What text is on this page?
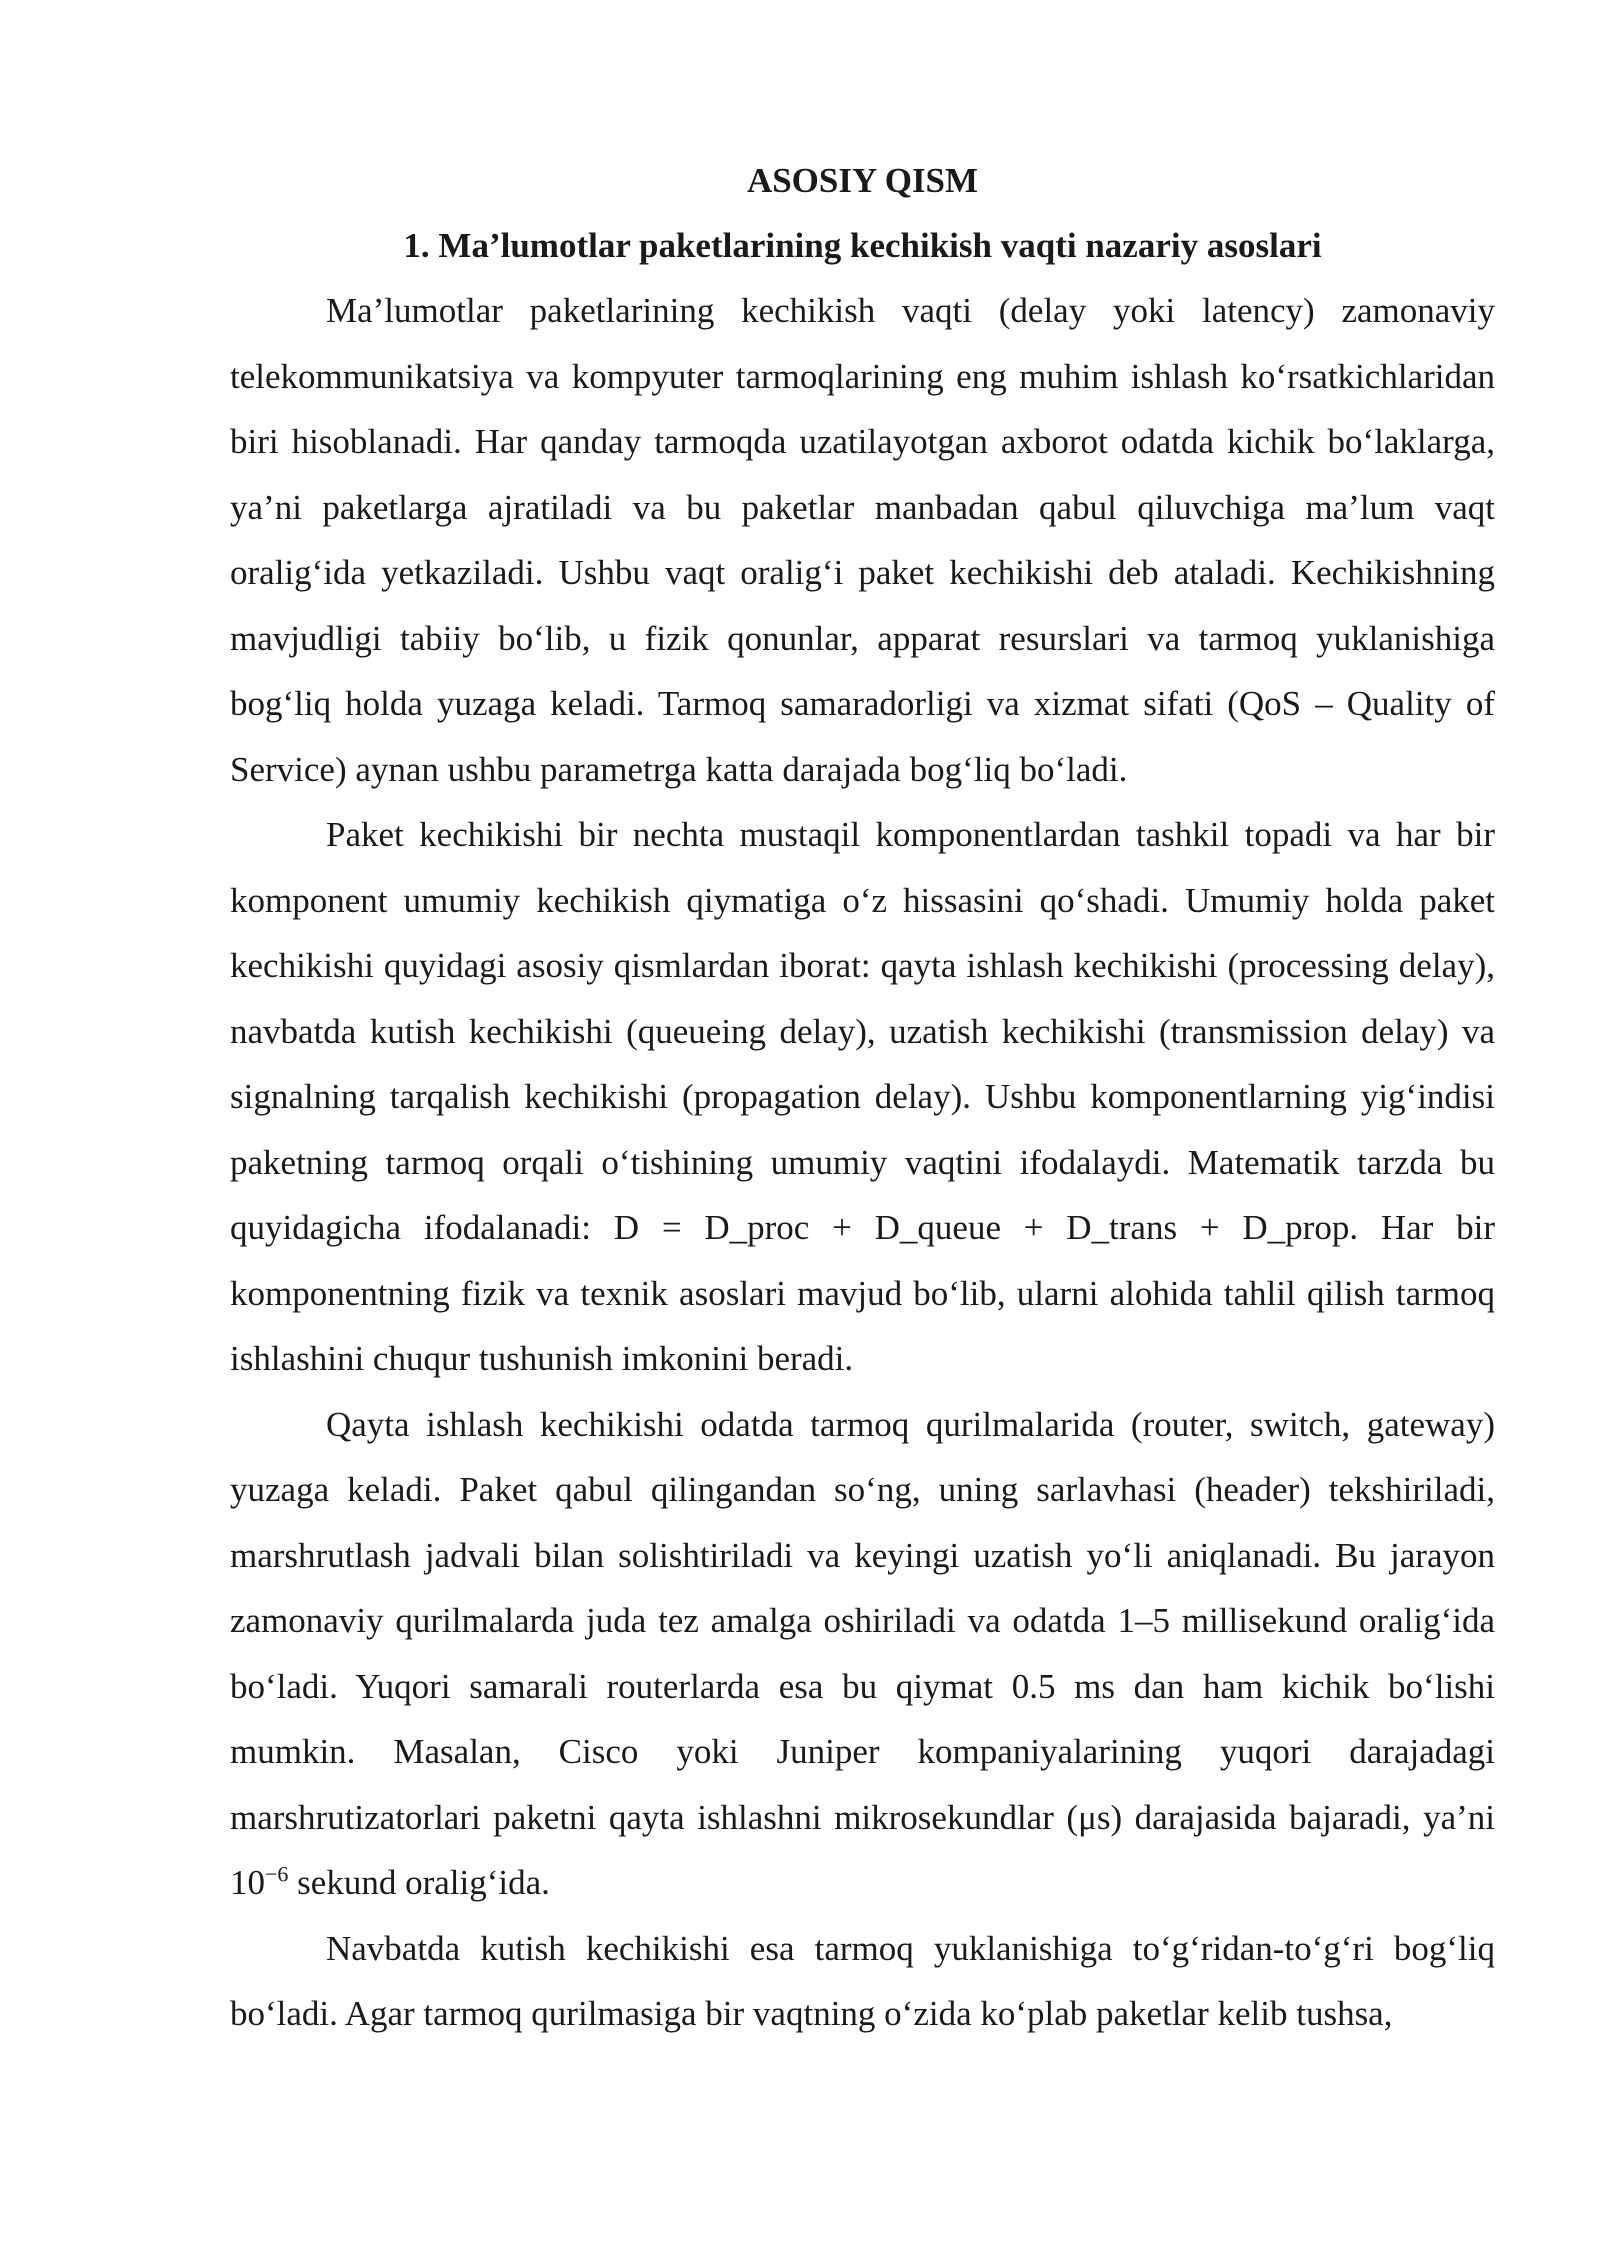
ASOSIY QISM

1. Ma’lumotlar paketlarining kechikish vaqti nazariy asoslari

Ma’lumotlar paketlarining kechikish vaqti (delay yoki latency) zamonaviy telekommunikatsiya va kompyuter tarmoqlarining eng muhim ishlash ko‘rsatkichlaridan biri hisoblanadi. Har qanday tarmoqda uzatilayotgan axborot odatda kichik bo‘laklarga, ya’ni paketlarga ajratiladi va bu paketlar manbadan qabul qiluvchiga ma’lum vaqt oralig‘ida yetkaziladi. Ushbu vaqt oralig‘i paket kechikishi deb ataladi. Kechikishning mavjudligi tabiiy bo‘lib, u fizik qonunlar, apparat resurslari va tarmoq yuklanishiga bog‘liq holda yuzaga keladi. Tarmoq samaradorligi va xizmat sifati (QoS – Quality of Service) aynan ushbu parametrga katta darajada bog‘liq bo‘ladi.

Paket kechikishi bir nechta mustaqil komponentlardan tashkil topadi va har bir komponent umumiy kechikish qiymatiga o‘z hissasini qo‘shadi. Umumiy holda paket kechikishi quyidagi asosiy qismlardan iborat: qayta ishlash kechikishi (processing delay), navbatda kutish kechikishi (queueing delay), uzatish kechikishi (transmission delay) va signalning tarqalish kechikishi (propagation delay). Ushbu komponentlarning yig‘indisi paketning tarmoq orqali o‘tishining umumiy vaqtini ifodalaydi. Matematik tarzda bu quyidagicha ifodalanadi: D = D_proc + D_queue + D_trans + D_prop. Har bir komponentning fizik va texnik asoslari mavjud bo‘lib, ularni alohida tahlil qilish tarmoq ishlashini chuqur tushunish imkonini beradi.

Qayta ishlash kechikishi odatda tarmoq qurilmalarida (router, switch, gateway) yuzaga keladi. Paket qabul qilingandan so‘ng, uning sarlavhasi (header) tekshiriladi, marshrutlash jadvali bilan solishtiriladi va keyingi uzatish yo‘li aniqlanadi. Bu jarayon zamonaviy qurilmalarda juda tez amalga oshiriladi va odatda 1–5 millisekund oralig‘ida bo‘ladi. Yuqori samarali routerlarda esa bu qiymat 0.5 ms dan ham kichik bo‘lishi mumkin. Masalan, Cisco yoki Juniper kompaniyalarining yuqori darajadagi marshrutizatorlari paketni qayta ishlashni mikrosekundlar (μs) darajasida bajaradi, ya’ni $10^{-6}$ sekund oralig‘ida.

Navbatda kutish kechikishi esa tarmoq yuklanishiga to‘g‘ridan-to‘g‘ri bog‘liq bo‘ladi. Agar tarmoq qurilmasiga bir vaqtning o‘zida ko‘plab paketlar kelib tushsa,
